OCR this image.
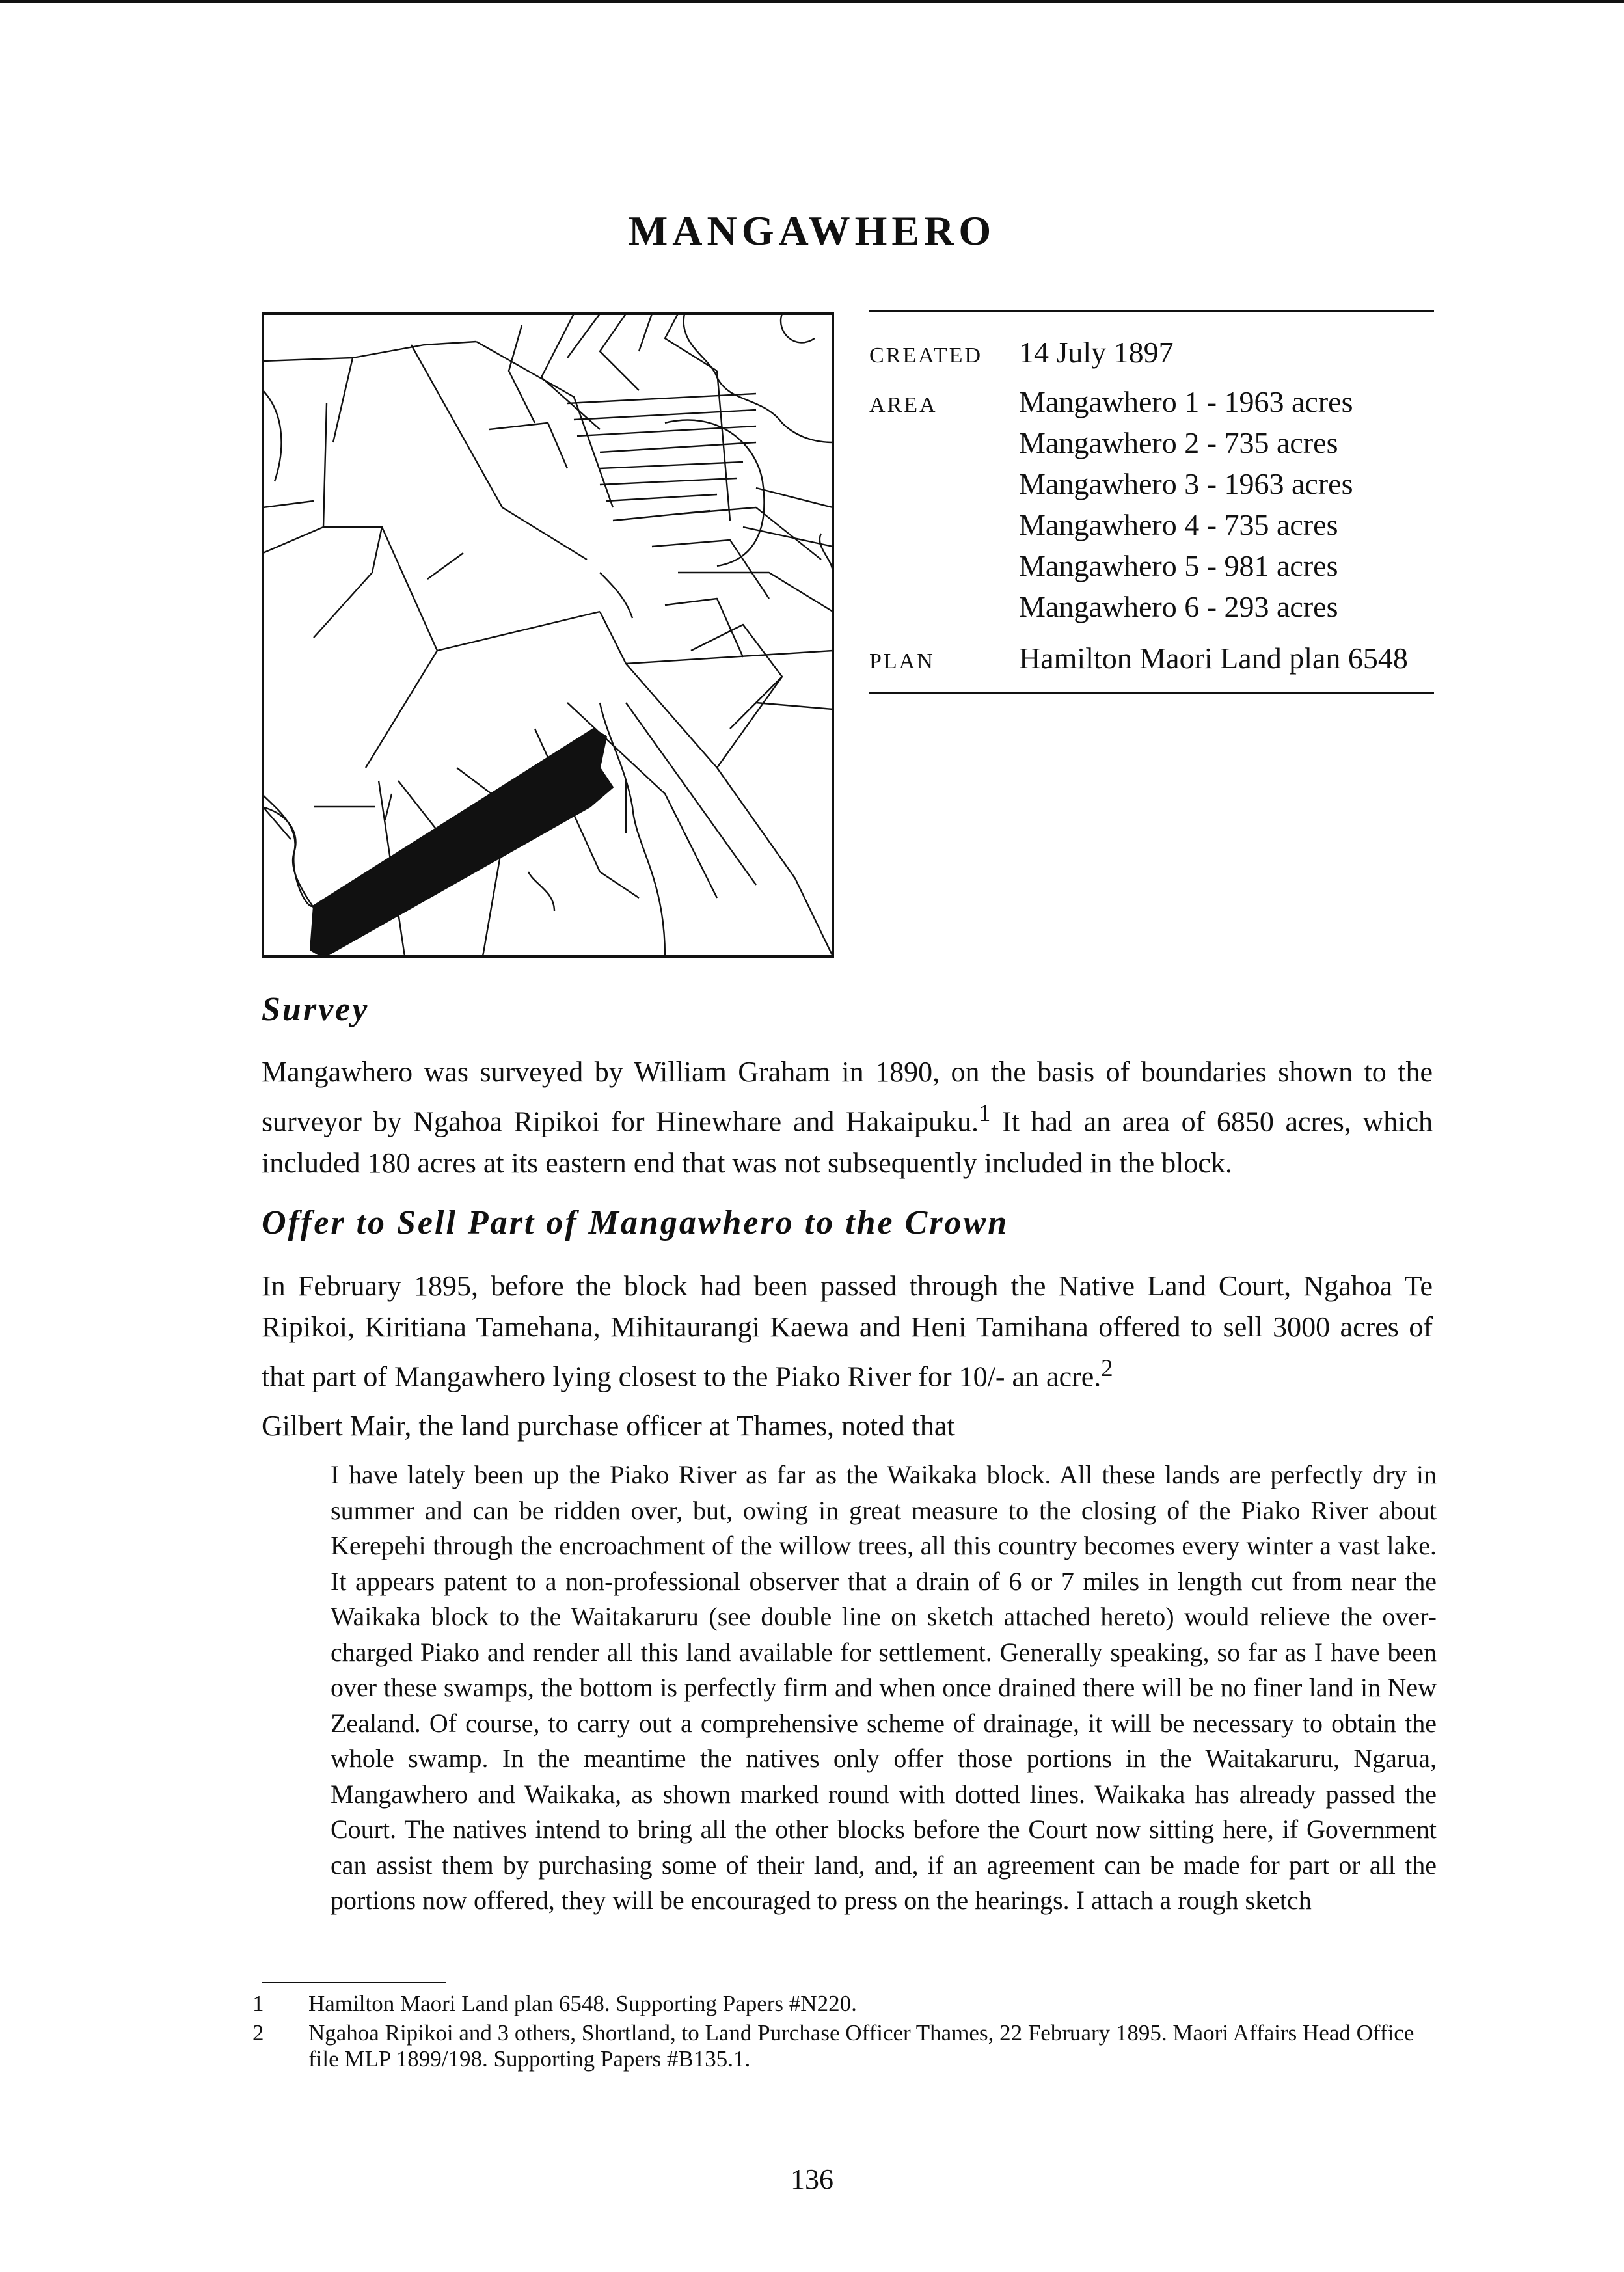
MANGAWHERO
CREATED	14 July 1897
AREA	Mangawhero 1 - 1963 acres
Mangawhero 2 - 735 acres
Mangawhero 3 - 1963 acres
Mangawhero 4 - 735 acres
Mangawhero 5 - 981 acres
Mangawhero 6 - 293 acres
PLAN	Hamilton Maori Land plan 6548
Survey

Mangawhero was surveyed by William Graham in 1890, on the basis of boundaries shown to the surveyor by Ngahoa Ripikoi for Hinewhare and Hakaipuku.$^1$ It had an area of 6850 acres, which included 180 acres at its eastern end that was not subsequently included in the block.

Offer to Sell Part of Mangawhero to the Crown

In February 1895, before the block had been passed through the Native Land Court, Ngahoa Te Ripikoi, Kiritiana Tamehana, Mihitaurangi Kaewa and Heni Tamihana offered to sell 3000 acres of that part of Mangawhero lying closest to the Piako River for 10/- an acre.$^2$

Gilbert Mair, the land purchase officer at Thames, noted that

I have lately been up the Piako River as far as the Waikaka block. All these lands are perfectly dry in summer and can be ridden over, but, owing in great measure to the closing of the Piako River about Kerepehi through the encroachment of the willow trees, all this country becomes every winter a vast lake. It appears patent to a non-professional observer that a drain of 6 or 7 miles in length cut from near the Waikaka block to the Waitakaruru (see double line on sketch attached hereto) would relieve the over-charged Piako and render all this land available for settlement. Generally speaking, so far as I have been over these swamps, the bottom is perfectly firm and when once drained there will be no finer land in New Zealand. Of course, to carry out a comprehensive scheme of drainage, it will be necessary to obtain the whole swamp. In the meantime the natives only offer those portions in the Waitakaruru, Ngarua, Mangawhero and Waikaka, as shown marked round with dotted lines. Waikaka has already passed the Court. The natives intend to bring all the other blocks before the Court now sitting here, if Government can assist them by purchasing some of their land, and, if an agreement can be made for part or all the portions now offered, they will be encouraged to press on the hearings. I attach a rough sketch

1	Hamilton Maori Land plan 6548. Supporting Papers #N220.
2	Ngahoa Ripikoi and 3 others, Shortland, to Land Purchase Officer Thames, 22 February 1895. Maori Affairs Head Office file MLP 1899/198. Supporting Papers #B135.1.
136
